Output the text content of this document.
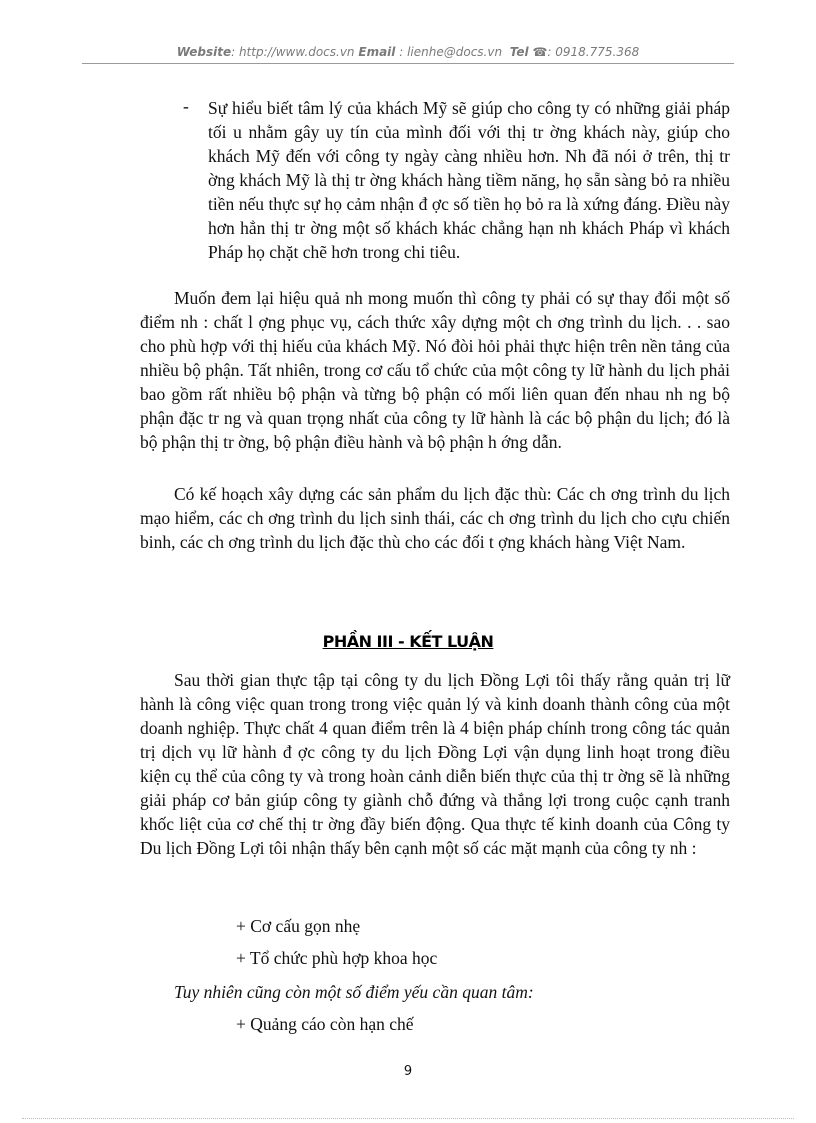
Website: http://www.docs.vn Email : lienhe@docs.vn Tel ☎: 0918.775.368
- Sự hiểu biết tâm lý của khách Mỹ sẽ giúp cho công ty có những giải pháp tối u nhằm gây uy tín của mình đối với thị tr ờng khách này, giúp cho khách Mỹ đến với công ty ngày càng nhiều hơn. Nh đã nói ở trên, thị tr ờng khách Mỹ là thị tr ờng khách hàng tiềm năng, họ sẵn sàng bỏ ra nhiều tiền nếu thực sự họ cảm nhận đ ợc số tiền họ bỏ ra là xứng đáng. Điều này hơn hẳn thị tr ờng một số khách khác chẳng hạn nh khách Pháp vì khách Pháp họ chặt chẽ hơn trong chi tiêu.
Muốn đem lại hiệu quả nh mong muốn thì công ty phải có sự thay đổi một số điểm nh : chất l ợng phục vụ, cách thức xây dựng một ch ơng trình du lịch. . . sao cho phù hợp với thị hiếu của khách Mỹ. Nó đòi hỏi phải thực hiện trên nền tảng của nhiều bộ phận. Tất nhiên, trong cơ cấu tổ chức của một công ty lữ hành du lịch phải bao gồm rất nhiều bộ phận và từng bộ phận có mối liên quan đến nhau nh ng bộ phận đặc tr ng và quan trọng nhất của công ty lữ hành là các bộ phận du lịch; đó là bộ phận thị tr ờng, bộ phận điều hành và bộ phận h ớng dẫn.
Có kế hoạch xây dựng các sản phẩm du lịch đặc thù: Các ch ơng trình du lịch mạo hiểm, các ch ơng trình du lịch sinh thái, các ch ơng trình du lịch cho cựu chiến binh, các ch ơng trình du lịch đặc thù cho các đối t ợng khách hàng Việt Nam.
PHẦN III - KẾT LUẬN
Sau thời gian thực tập tại công ty du lịch Đồng Lợi tôi thấy rằng quản trị lữ hành là công việc quan trong trong việc quản lý và kinh doanh thành công của một doanh nghiệp. Thực chất 4 quan điểm trên là 4 biện pháp chính trong công tác quản trị dịch vụ lữ hành đ ợc công ty du lịch Đồng Lợi vận dụng linh hoạt trong điều kiện cụ thể của công ty và trong hoàn cảnh diễn biến thực của thị tr ờng sẽ là những giải pháp cơ bản giúp công ty giành chỗ đứng và thắng lợi trong cuộc cạnh tranh khốc liệt của cơ chế thị tr ờng đầy biến động. Qua thực tế kinh doanh của Công ty Du lịch Đồng Lợi tôi nhận thấy bên cạnh một số các mặt mạnh của công ty nh :
+ Cơ cấu gọn nhẹ
+ Tổ chức phù hợp khoa học
Tuy nhiên cũng còn một số điểm yếu cần quan tâm:
+ Quảng cáo còn hạn chế
9
